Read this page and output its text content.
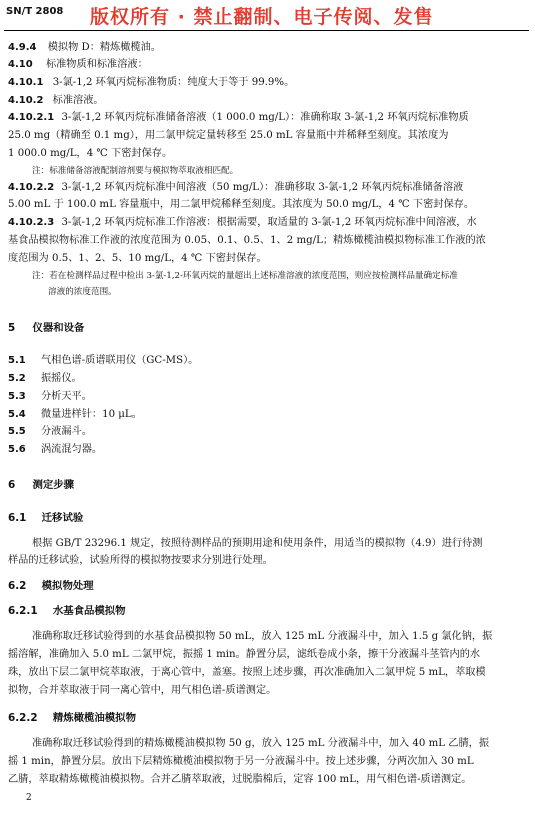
SN/T 2808 版权所有 · 禁止翻制、电子传阅、发售
4.9.4 模拟物 D：精炼橄榄油。
4.10 标准物质和标准溶液：
4.10.1 3-氯-1,2 环氧丙烷标准物质：纯度大于等于 99.9%。
4.10.2 标准溶液。
4.10.2.1 3-氯-1,2 环氧丙烷标准储备溶液（1 000.0 mg/L）：准确称取 3-氯-1,2 环氧丙烷标准物质
25.0 mg（精确至 0.1 mg），用二氯甲烷定量转移至 25.0 mL 容量瓶中并稀释至刻度。其浓度为
1 000.0 mg/L，4 ℃ 下密封保存。
注：标准储备溶液配制溶剂要与模拟物萃取液相匹配。
4.10.2.2 3-氯-1,2 环氧丙烷标准中间溶液（50 mg/L）：准确移取 3-氯-1,2 环氧丙烷标准储备溶液
5.00 mL 于 100.0 mL 容量瓶中，用二氯甲烷稀释至刻度。其浓度为 50.0 mg/L，4 ℃ 下密封保存。
4.10.2.3 3-氯-1,2 环氧丙烷标准工作溶液：根据需要，取适量的 3-氯-1,2 环氧丙烷标准中间溶液，水
基食品模拟物标准工作液的浓度范围为 0.05、0.1、0.5、1、2 mg/L；精炼橄榄油模拟物标准工作液的浓
度范围为 0.5、1、2、5、10 mg/L，4 ℃ 下密封保存。
注：若在检测样品过程中检出 3-氯-1,2-环氧丙烷的量超出上述标准溶液的浓度范围，则应按检测样品量确定标准
溶液的浓度范围。
5 仪器和设备
5.1 气相色谱-质谱联用仪（GC-MS）。
5.2 振摇仪。
5.3 分析天平。
5.4 微量进样针：10 μL。
5.5 分液漏斗。
5.6 涡流混匀器。
6 测定步骤
6.1 迁移试验
根据 GB/T 23296.1 规定，按照待测样品的预期用途和使用条件，用适当的模拟物（4.9）进行待测
样品的迁移试验，试验所得的模拟物按要求分别进行处理。
6.2 模拟物处理
6.2.1 水基食品模拟物
准确称取迁移试验得到的水基食品模拟物 50 mL，放入 125 mL 分液漏斗中，加入 1.5 g 氯化钠，振
摇溶解，准确加入 5.0 mL 二氯甲烷，振摇 1 min。静置分层，滤纸卷成小条，擦干分液漏斗茎管内的水
珠，放出下层二氯甲烷萃取液，于离心管中，盖塞。按照上述步骤，再次准确加入二氯甲烷 5 mL，萃取模
拟物，合并萃取液于同一离心管中，用气相色谱-质谱测定。
6.2.2 精炼橄榄油模拟物
准确称取迁移试验得到的精炼橄榄油模拟物 50 g，放入 125 mL 分液漏斗中，加入 40 mL 乙腈，振
摇 1 min，静置分层。放出下层精炼橄榄油模拟物于另一分液漏斗中。按上述步骤，分两次加入 30 mL
乙腈，萃取精炼橄榄油模拟物。合并乙腈萃取液，过脱脂棉后，定容 100 mL，用气相色谱-质谱测定。
2
